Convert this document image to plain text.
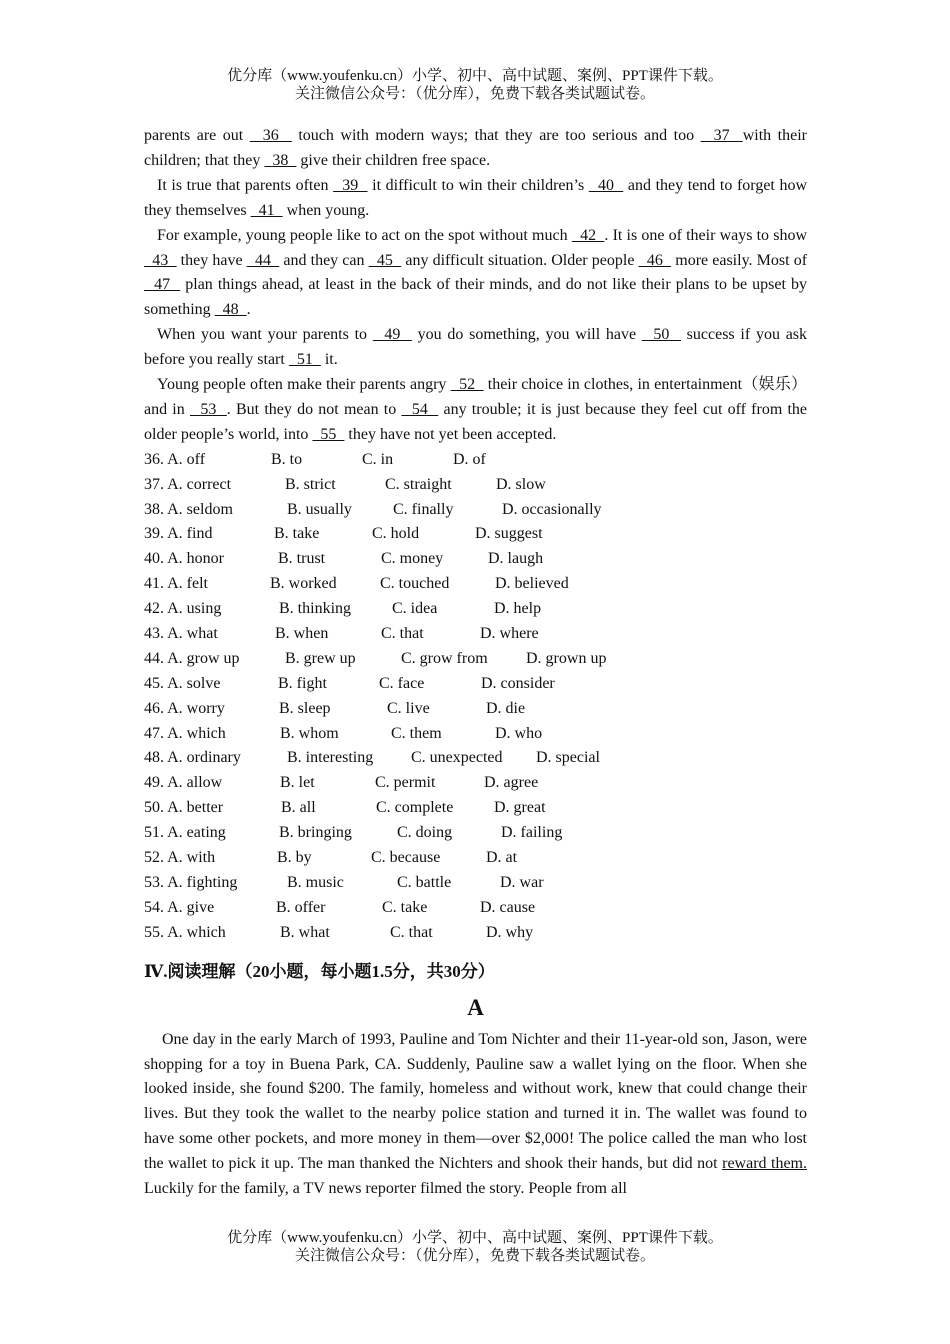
优分库（www.youfenku.cn）小学、初中、高中试题、案例、PPT课件下载。
关注微信公众号：（优分库），免费下载各类试题试卷。
parents are out   36   touch with modern ways; that they are too serious and too   37  with their children; that they   38   give their children free space.
It is true that parents often   39   it difficult to win their children’s   40   and they tend to forget how they themselves   41   when young.
For example, young people like to act on the spot without much   42  . It is one of their ways to show   43   they have   44   and they can   45   any difficult situation. Older people   46   more easily. Most of   47   plan things ahead, at least in the back of their minds, and do not like their plans to be upset by something   48  .
When you want your parents to   49   you do something, you will have   50   success if you ask before you really start   51   it.
Young people often make their parents angry   52   their choice in clothes, in entertainment（娱乐） and in   53  . But they do not mean to   54   any trouble; it is just because they feel cut off from the older people’s world, into   55   they have not yet been accepted.
36. A. off	B. to	C. in	D. of
37. A. correct	B. strict	C. straight	D. slow
38. A. seldom	B. usually	C. finally	D. occasionally
39. A. find	B. take	C. hold	D. suggest
40. A. honor	B. trust	C. money	D. laugh
41. A. felt	B. worked	C. touched	D. believed
42. A. using	B. thinking	C. idea	D. help
43. A. what	B. when	C. that	D. where
44. A. grow up	B. grew up	C. grow from D. grown up
45. A. solve	B. fight	C. face	D. consider
46. A. worry	B. sleep	C. live	D. die
47. A. which	B. whom	C. them	D. who
48. A. ordinary	B. interesting C. unexpected D. special
49. A. allow	B. let	C. permit	D. agree
50. A. better	B. all	C. complete	D. great
51. A. eating	B. bringing	C. doing	D. failing
52. A. with	B. by	C. because	D. at
53. A. fighting	B. music	C. battle	D. war
54. A. give	B. offer	C. take	D. cause
55. A. which	B. what	C. that	D. why
Ⅳ.阅读理解（20小题，每小题1.5分，共30分）
A
One day in the early March of 1993, Pauline and Tom Nichter and their 11-year-old son, Jason, were shopping for a toy in Buena Park, CA. Suddenly, Pauline saw a wallet lying on the floor. When she looked inside, she found $200. The family, homeless and without work, knew that could change their lives. But they took the wallet to the nearby police station and turned it in. The wallet was found to have some other pockets, and more money in them—over $2,000! The police called the man who lost the wallet to pick it up. The man thanked the Nichters and shook their hands, but did not reward them. Luckily for the family, a TV news reporter filmed the story. People from all
优分库（www.youfenku.cn）小学、初中、高中试题、案例、PPT课件下载。
关注微信公众号：（优分库），免费下载各类试题试卷。
